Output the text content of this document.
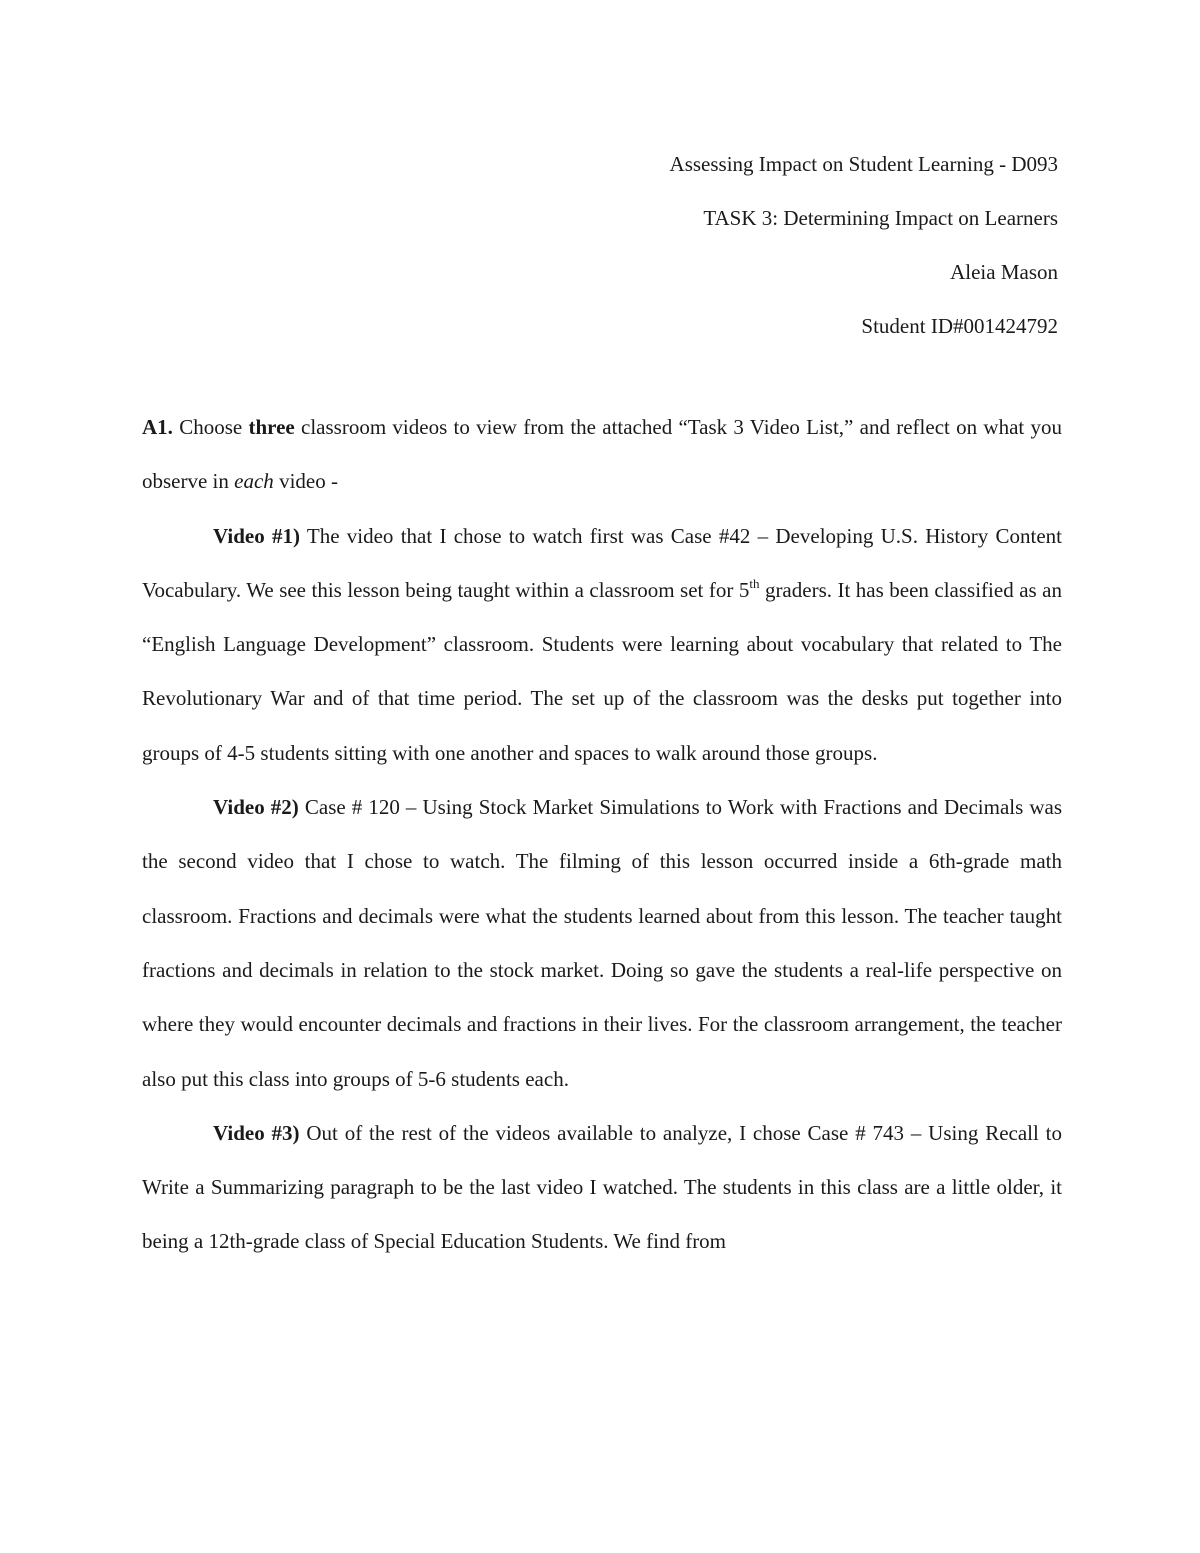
Assessing Impact on Student Learning - D093
TASK 3: Determining Impact on Learners
Aleia Mason
Student ID#001424792

A1. Choose three classroom videos to view from the attached “Task 3 Video List,” and reflect on what you observe in each video -

Video #1) The video that I chose to watch first was Case #42 – Developing U.S. History Content Vocabulary. We see this lesson being taught within a classroom set for 5th graders. It has been classified as an “English Language Development” classroom. Students were learning about vocabulary that related to The Revolutionary War and of that time period. The set up of the classroom was the desks put together into groups of 4-5 students sitting with one another and spaces to walk around those groups.

Video #2) Case # 120 – Using Stock Market Simulations to Work with Fractions and Decimals was the second video that I chose to watch. The filming of this lesson occurred inside a 6th-grade math classroom. Fractions and decimals were what the students learned about from this lesson. The teacher taught fractions and decimals in relation to the stock market. Doing so gave the students a real-life perspective on where they would encounter decimals and fractions in their lives. For the classroom arrangement, the teacher also put this class into groups of 5-6 students each.

Video #3) Out of the rest of the videos available to analyze, I chose Case # 743 – Using Recall to Write a Summarizing paragraph to be the last video I watched. The students in this class are a little older, it being a 12th-grade class of Special Education Students. We find from
